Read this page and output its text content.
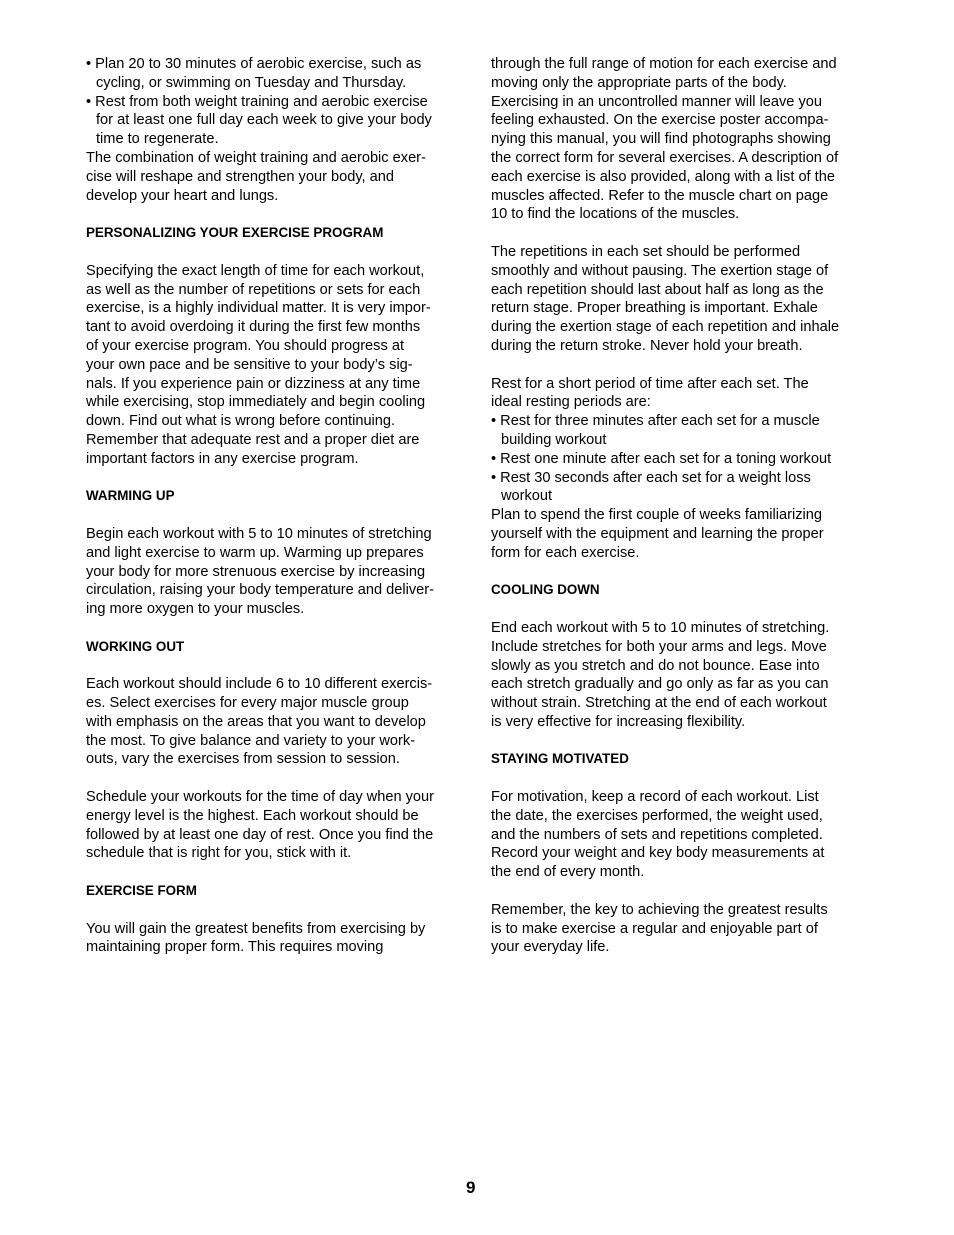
• Plan 20 to 30 minutes of aerobic exercise, such as
cycling, or swimming on Tuesday and Thursday.
• Rest from both weight training and aerobic exercise
for at least one full day each week to give your body
time to regenerate.
The combination of weight training and aerobic exer-
cise will reshape and strengthen your body, and
develop your heart and lungs.
PERSONALIZING YOUR EXERCISE PROGRAM
Specifying the exact length of time for each workout,
as well as the number of repetitions or sets for each
exercise, is a highly individual matter. It is very impor-
tant to avoid overdoing it during the first few months
of your exercise program. You should progress at
your own pace and be sensitive to your body’s sig-
nals. If you experience pain or dizziness at any time
while exercising, stop immediately and begin cooling
down. Find out what is wrong before continuing.
Remember that adequate rest and a proper diet are
important factors in any exercise program.
WARMING UP
Begin each workout with 5 to 10 minutes of stretching
and light exercise to warm up. Warming up prepares
your body for more strenuous exercise by increasing
circulation, raising your body temperature and deliver-
ing more oxygen to your muscles.
WORKING OUT
Each workout should include 6 to 10 different exercis-
es. Select exercises for every major muscle group
with emphasis on the areas that you want to develop
the most. To give balance and variety to your work-
outs, vary the exercises from session to session.
Schedule your workouts for the time of day when your
energy level is the highest. Each workout should be
followed by at least one day of rest. Once you find the
schedule that is right for you, stick with it.
EXERCISE FORM
You will gain the greatest benefits from exercising by
maintaining proper form. This requires moving
through the full range of motion for each exercise and
moving only the appropriate parts of the body.
Exercising in an uncontrolled manner will leave you
feeling exhausted. On the exercise poster accompa-
nying this manual, you will find photographs showing
the correct form for several exercises. A description of
each exercise is also provided, along with a list of the
muscles affected. Refer to the muscle chart on page
10 to find the locations of the muscles.
The repetitions in each set should be performed
smoothly and without pausing. The exertion stage of
each repetition should last about half as long as the
return stage. Proper breathing is important. Exhale
during the exertion stage of each repetition and inhale
during the return stroke. Never hold your breath.
Rest for a short period of time after each set. The
ideal resting periods are:
• Rest for three minutes after each set for a muscle
building workout
• Rest one minute after each set for a toning workout
• Rest 30 seconds after each set for a weight loss
workout
Plan to spend the first couple of weeks familiarizing
yourself with the equipment and learning the proper
form for each exercise.
COOLING DOWN
End each workout with 5 to 10 minutes of stretching.
Include stretches for both your arms and legs. Move
slowly as you stretch and do not bounce. Ease into
each stretch gradually and go only as far as you can
without strain. Stretching at the end of each workout
is very effective for increasing flexibility.
STAYING MOTIVATED
For motivation, keep a record of each workout. List
the date, the exercises performed, the weight used,
and the numbers of sets and repetitions completed.
Record your weight and key body measurements at
the end of every month.
Remember, the key to achieving the greatest results
is to make exercise a regular and enjoyable part of
your everyday life.
9
